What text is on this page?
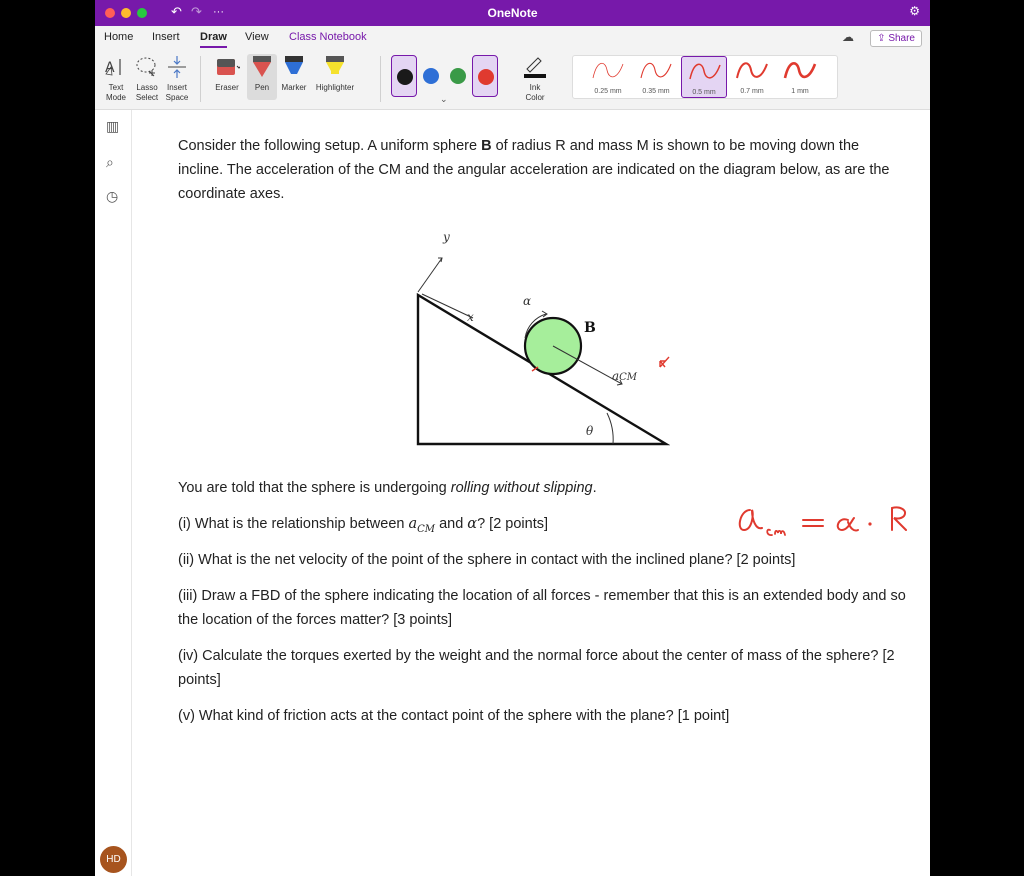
↶ ↷ ···	OneNote	⚙
Home Insert Draw View Class Notebook	☁	⇪ Share
A
Text
Mode
Lasso
Select
Insert
Space
Eraser	Pen	Marker	Highlighter
⌄
Ink
Color
0.25 mm	0.35 mm	0.5 mm	0.7 mm	1 mm
▥
⌕
◷
HD
Consider the following setup. A uniform sphere B of radius R and mass M is shown to be moving down the incline. The acceleration of the CM and the angular acceleration are indicated on the diagram below, as are the coordinate axes.
You are told that the sphere is undergoing rolling without slipping.
(i) What is the relationship between $a_{CM}$ and α? [2 points]
(ii) What is the net velocity of the point of the sphere in contact with the inclined plane? [2 points]
(iii) Draw a FBD of the sphere indicating the location of all forces - remember that this is an extended body and so the location of the forces matter? [3 points]
(iv) Calculate the torques exerted by the weight and the normal force about the center of mass of the sphere? [2 points]
(v) What kind of friction acts at the contact point of the sphere with the plane? [1 point]
y
x
α
B
aCM
θ
